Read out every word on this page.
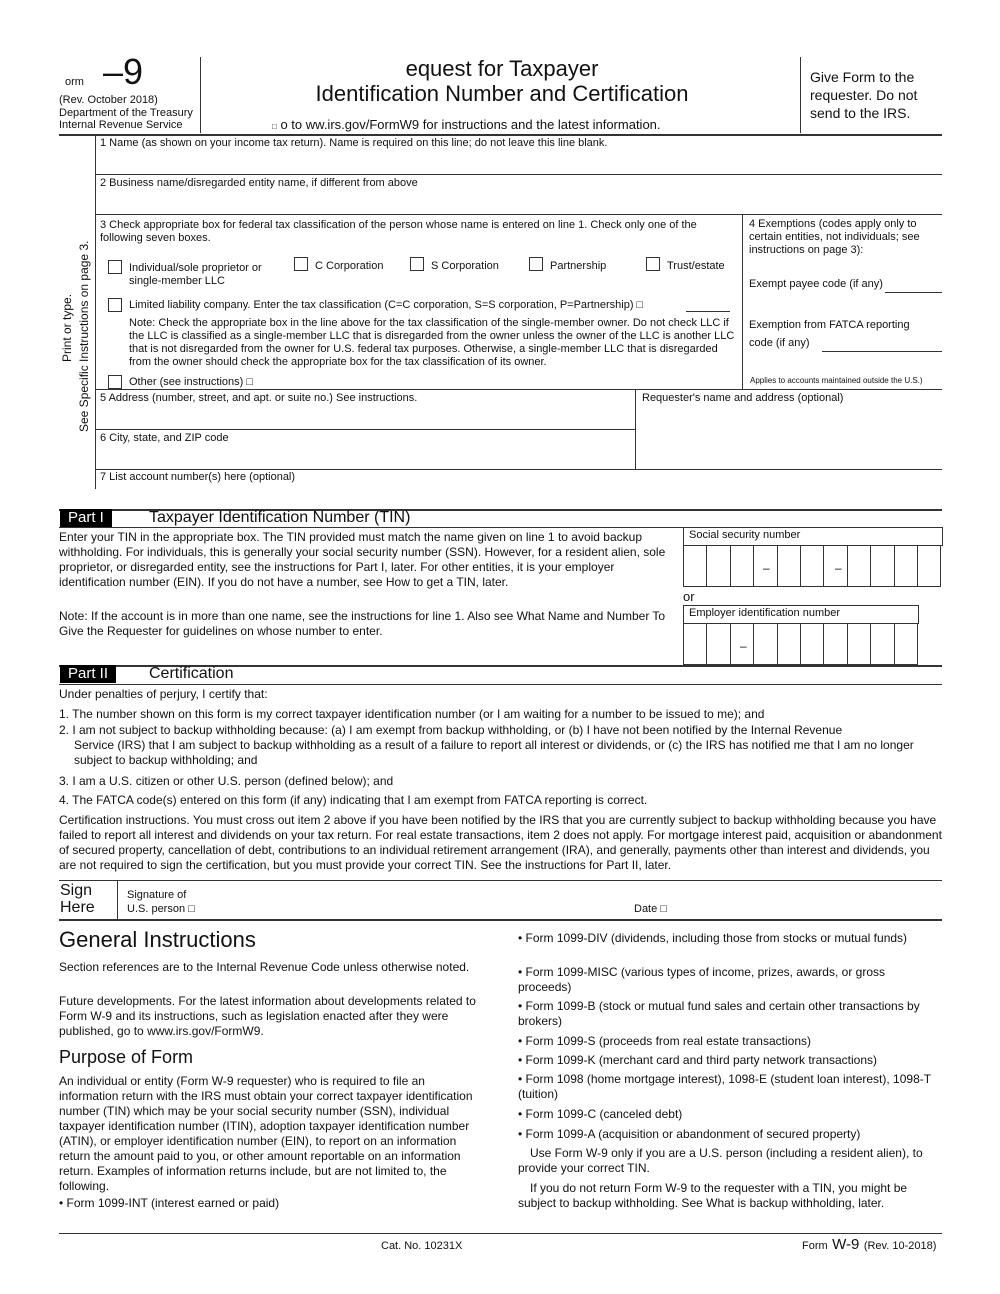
orm –9
(Rev. October 2018)
Department of the Treasury
Internal Revenue Service
equest for Taxpayer
Identification Number and Certification
□ o to ww.irs.gov/FormW9 for instructions and the latest information.
Give Form to the requester. Do not send to the IRS.
Print or type. See Specific Instructions on page 3.
1 Name (as shown on your income tax return). Name is required on this line; do not leave this line blank.
2 Business name/disregarded entity name, if different from above
3 Check appropriate box for federal tax classification of the person whose name is entered on line 1. Check only one of the following seven boxes.
Individual/sole proprietor or single-member LLC
C Corporation	S Corporation	Partnership	Trust/estate
Limited liability company. Enter the tax classification (C=C corporation, S=S corporation, P=Partnership) □
Note: Check the appropriate box in the line above for the tax classification of the single-member owner. Do not check LLC if the LLC is classified as a single-member LLC that is disregarded from the owner unless the owner of the LLC is another LLC that is not disregarded from the owner for U.S. federal tax purposes. Otherwise, a single-member LLC that is disregarded from the owner should check the appropriate box for the tax classification of its owner.
Other (see instructions) □
4 Exemptions (codes apply only to certain entities, not individuals; see instructions on page 3):
Exempt payee code (if any)
Exemption from FATCA reporting
code (if any)
Applies to accounts maintained outside the U.S.)
5 Address (number, street, and apt. or suite no.) See instructions.	Requester's name and address (optional)
6 City, state, and ZIP code
7 List account number(s) here (optional)
Part I	Taxpayer Identification Number (TIN)
Enter your TIN in the appropriate box. The TIN provided must match the name given on line 1 to avoid backup withholding. For individuals, this is generally your social security number (SSN). However, for a resident alien, sole proprietor, or disregarded entity, see the instructions for Part I, later. For other entities, it is your employer identification number (EIN). If you do not have a number, see How to get a TIN, later.
Note: If the account is in more than one name, see the instructions for line 1. Also see What Name and Number To Give the Requester for guidelines on whose number to enter.
Social security number
–	–
or
Employer identification number
–
Part II	Certification
Under penalties of perjury, I certify that:
1. The number shown on this form is my correct taxpayer identification number (or I am waiting for a number to be issued to me); and
2. I am not subject to backup withholding because: (a) I am exempt from backup withholding, or (b) I have not been notified by the Internal Revenue
Service (IRS) that I am subject to backup withholding as a result of a failure to report all interest or dividends, or (c) the IRS has notified me that I am no longer subject to backup withholding; and
3. I am a U.S. citizen or other U.S. person (defined below); and
4. The FATCA code(s) entered on this form (if any) indicating that I am exempt from FATCA reporting is correct.
Certification instructions. You must cross out item 2 above if you have been notified by the IRS that you are currently subject to backup withholding because you have failed to report all interest and dividends on your tax return. For real estate transactions, item 2 does not apply. For mortgage interest paid, acquisition or abandonment of secured property, cancellation of debt, contributions to an individual retirement arrangement (IRA), and generally, payments other than interest and dividends, you are not required to sign the certification, but you must provide your correct TIN. See the instructions for Part II, later.
Sign
Here
Signature of
U.S. person □	Date □
General Instructions
Section references are to the Internal Revenue Code unless otherwise noted.
Future developments. For the latest information about developments related to Form W-9 and its instructions, such as legislation enacted after they were published, go to www.irs.gov/FormW9.
Purpose of Form
An individual or entity (Form W-9 requester) who is required to file an information return with the IRS must obtain your correct taxpayer identification number (TIN) which may be your social security number (SSN), individual taxpayer identification number (ITIN), adoption taxpayer identification number (ATIN), or employer identification number (EIN), to report on an information return the amount paid to you, or other amount reportable on an information return. Examples of information returns include, but are not limited to, the following.
• Form 1099-INT (interest earned or paid)
• Form 1099-DIV (dividends, including those from stocks or mutual funds)
• Form 1099-MISC (various types of income, prizes, awards, or gross proceeds)
• Form 1099-B (stock or mutual fund sales and certain other transactions by brokers)
• Form 1099-S (proceeds from real estate transactions)
• Form 1099-K (merchant card and third party network transactions)
• Form 1098 (home mortgage interest), 1098-E (student loan interest), 1098-T (tuition)
• Form 1099-C (canceled debt)
• Form 1099-A (acquisition or abandonment of secured property)
Use Form W-9 only if you are a U.S. person (including a resident alien), to provide your correct TIN.
If you do not return Form W-9 to the requester with a TIN, you might be subject to backup withholding. See What is backup withholding, later.
Cat. No. 10231X	Form W-9 (Rev. 10-2018)
